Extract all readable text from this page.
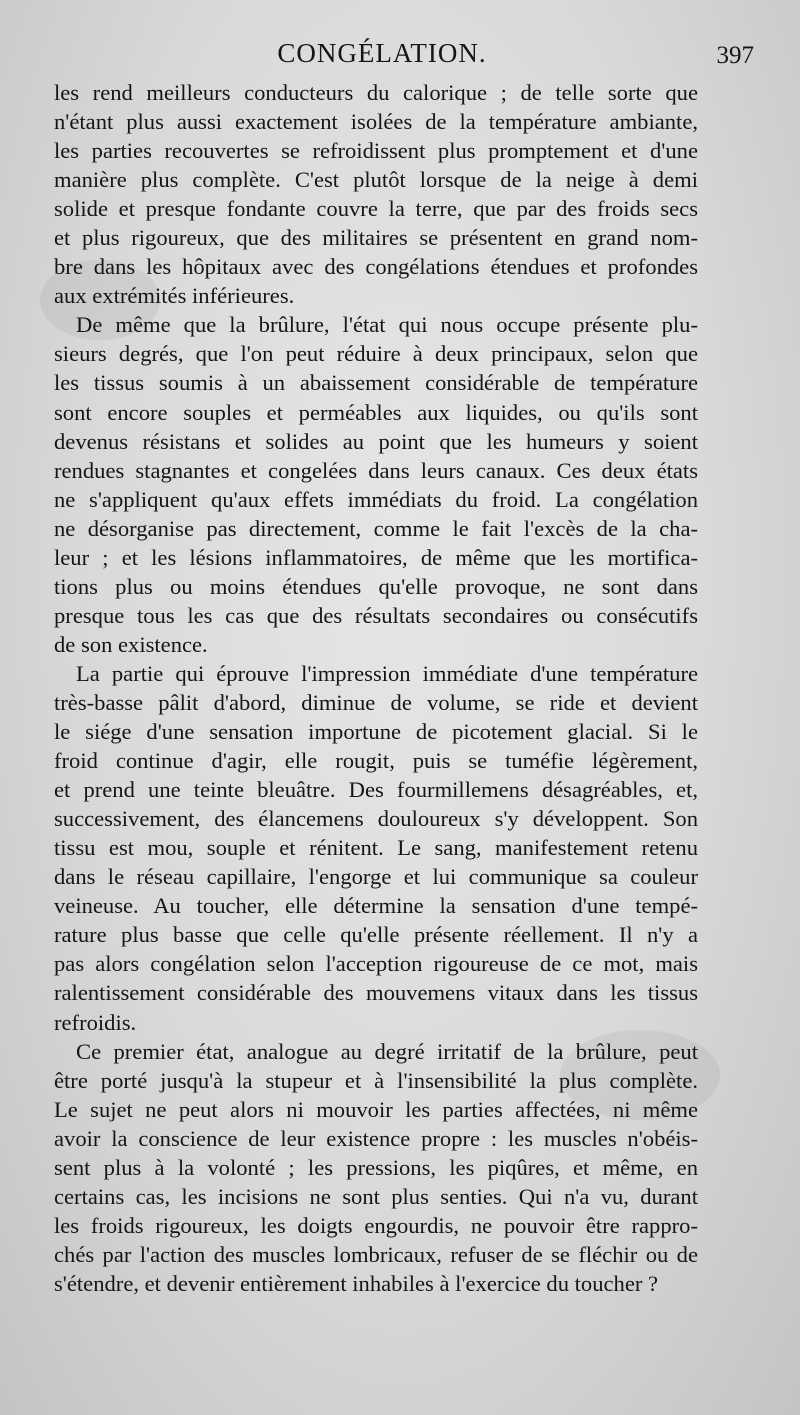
CONGÉLATION.	397

les rend meilleurs conducteurs du calorique ; de telle sorte que
n'étant plus aussi exactement isolées de la température ambiante,
les parties recouvertes se refroidissent plus promptement et d'une
manière plus complète. C'est plutôt lorsque de la neige à demi
solide et presque fondante couvre la terre, que par des froids secs
et plus rigoureux, que des militaires se présentent en grand nom-
bre dans les hôpitaux avec des congélations étendues et profondes
aux extrémités inférieures.

De même que la brûlure, l'état qui nous occupe présente plu-
sieurs degrés, que l'on peut réduire à deux principaux, selon que
les tissus soumis à un abaissement considérable de température
sont encore souples et perméables aux liquides, ou qu'ils sont
devenus résistans et solides au point que les humeurs y soient
rendues stagnantes et congelées dans leurs canaux. Ces deux états
ne s'appliquent qu'aux effets immédiats du froid. La congélation
ne désorganise pas directement, comme le fait l'excès de la cha-
leur ; et les lésions inflammatoires, de même que les mortifica-
tions plus ou moins étendues qu'elle provoque, ne sont dans
presque tous les cas que des résultats secondaires ou consécutifs
de son existence.

La partie qui éprouve l'impression immédiate d'une température
très-basse pâlit d'abord, diminue de volume, se ride et devient
le siége d'une sensation importune de picotement glacial. Si le
froid continue d'agir, elle rougit, puis se tuméfie légèrement,
et prend une teinte bleuâtre. Des fourmillemens désagréables, et,
successivement, des élancemens douloureux s'y développent. Son
tissu est mou, souple et rénitent. Le sang, manifestement retenu
dans le réseau capillaire, l'engorge et lui communique sa couleur
veineuse. Au toucher, elle détermine la sensation d'une tempé-
rature plus basse que celle qu'elle présente réellement. Il n'y a
pas alors congélation selon l'acception rigoureuse de ce mot, mais
ralentissement considérable des mouvemens vitaux dans les tissus
refroidis.

Ce premier état, analogue au degré irritatif de la brûlure, peut
être porté jusqu'à la stupeur et à l'insensibilité la plus complète.
Le sujet ne peut alors ni mouvoir les parties affectées, ni même
avoir la conscience de leur existence propre : les muscles n'obéis-
sent plus à la volonté ; les pressions, les piqûres, et même, en
certains cas, les incisions ne sont plus senties. Qui n'a vu, durant
les froids rigoureux, les doigts engourdis, ne pouvoir être rappro-
chés par l'action des muscles lombricaux, refuser de se fléchir ou de
s'étendre, et devenir entièrement inhabiles à l'exercice du toucher ?
